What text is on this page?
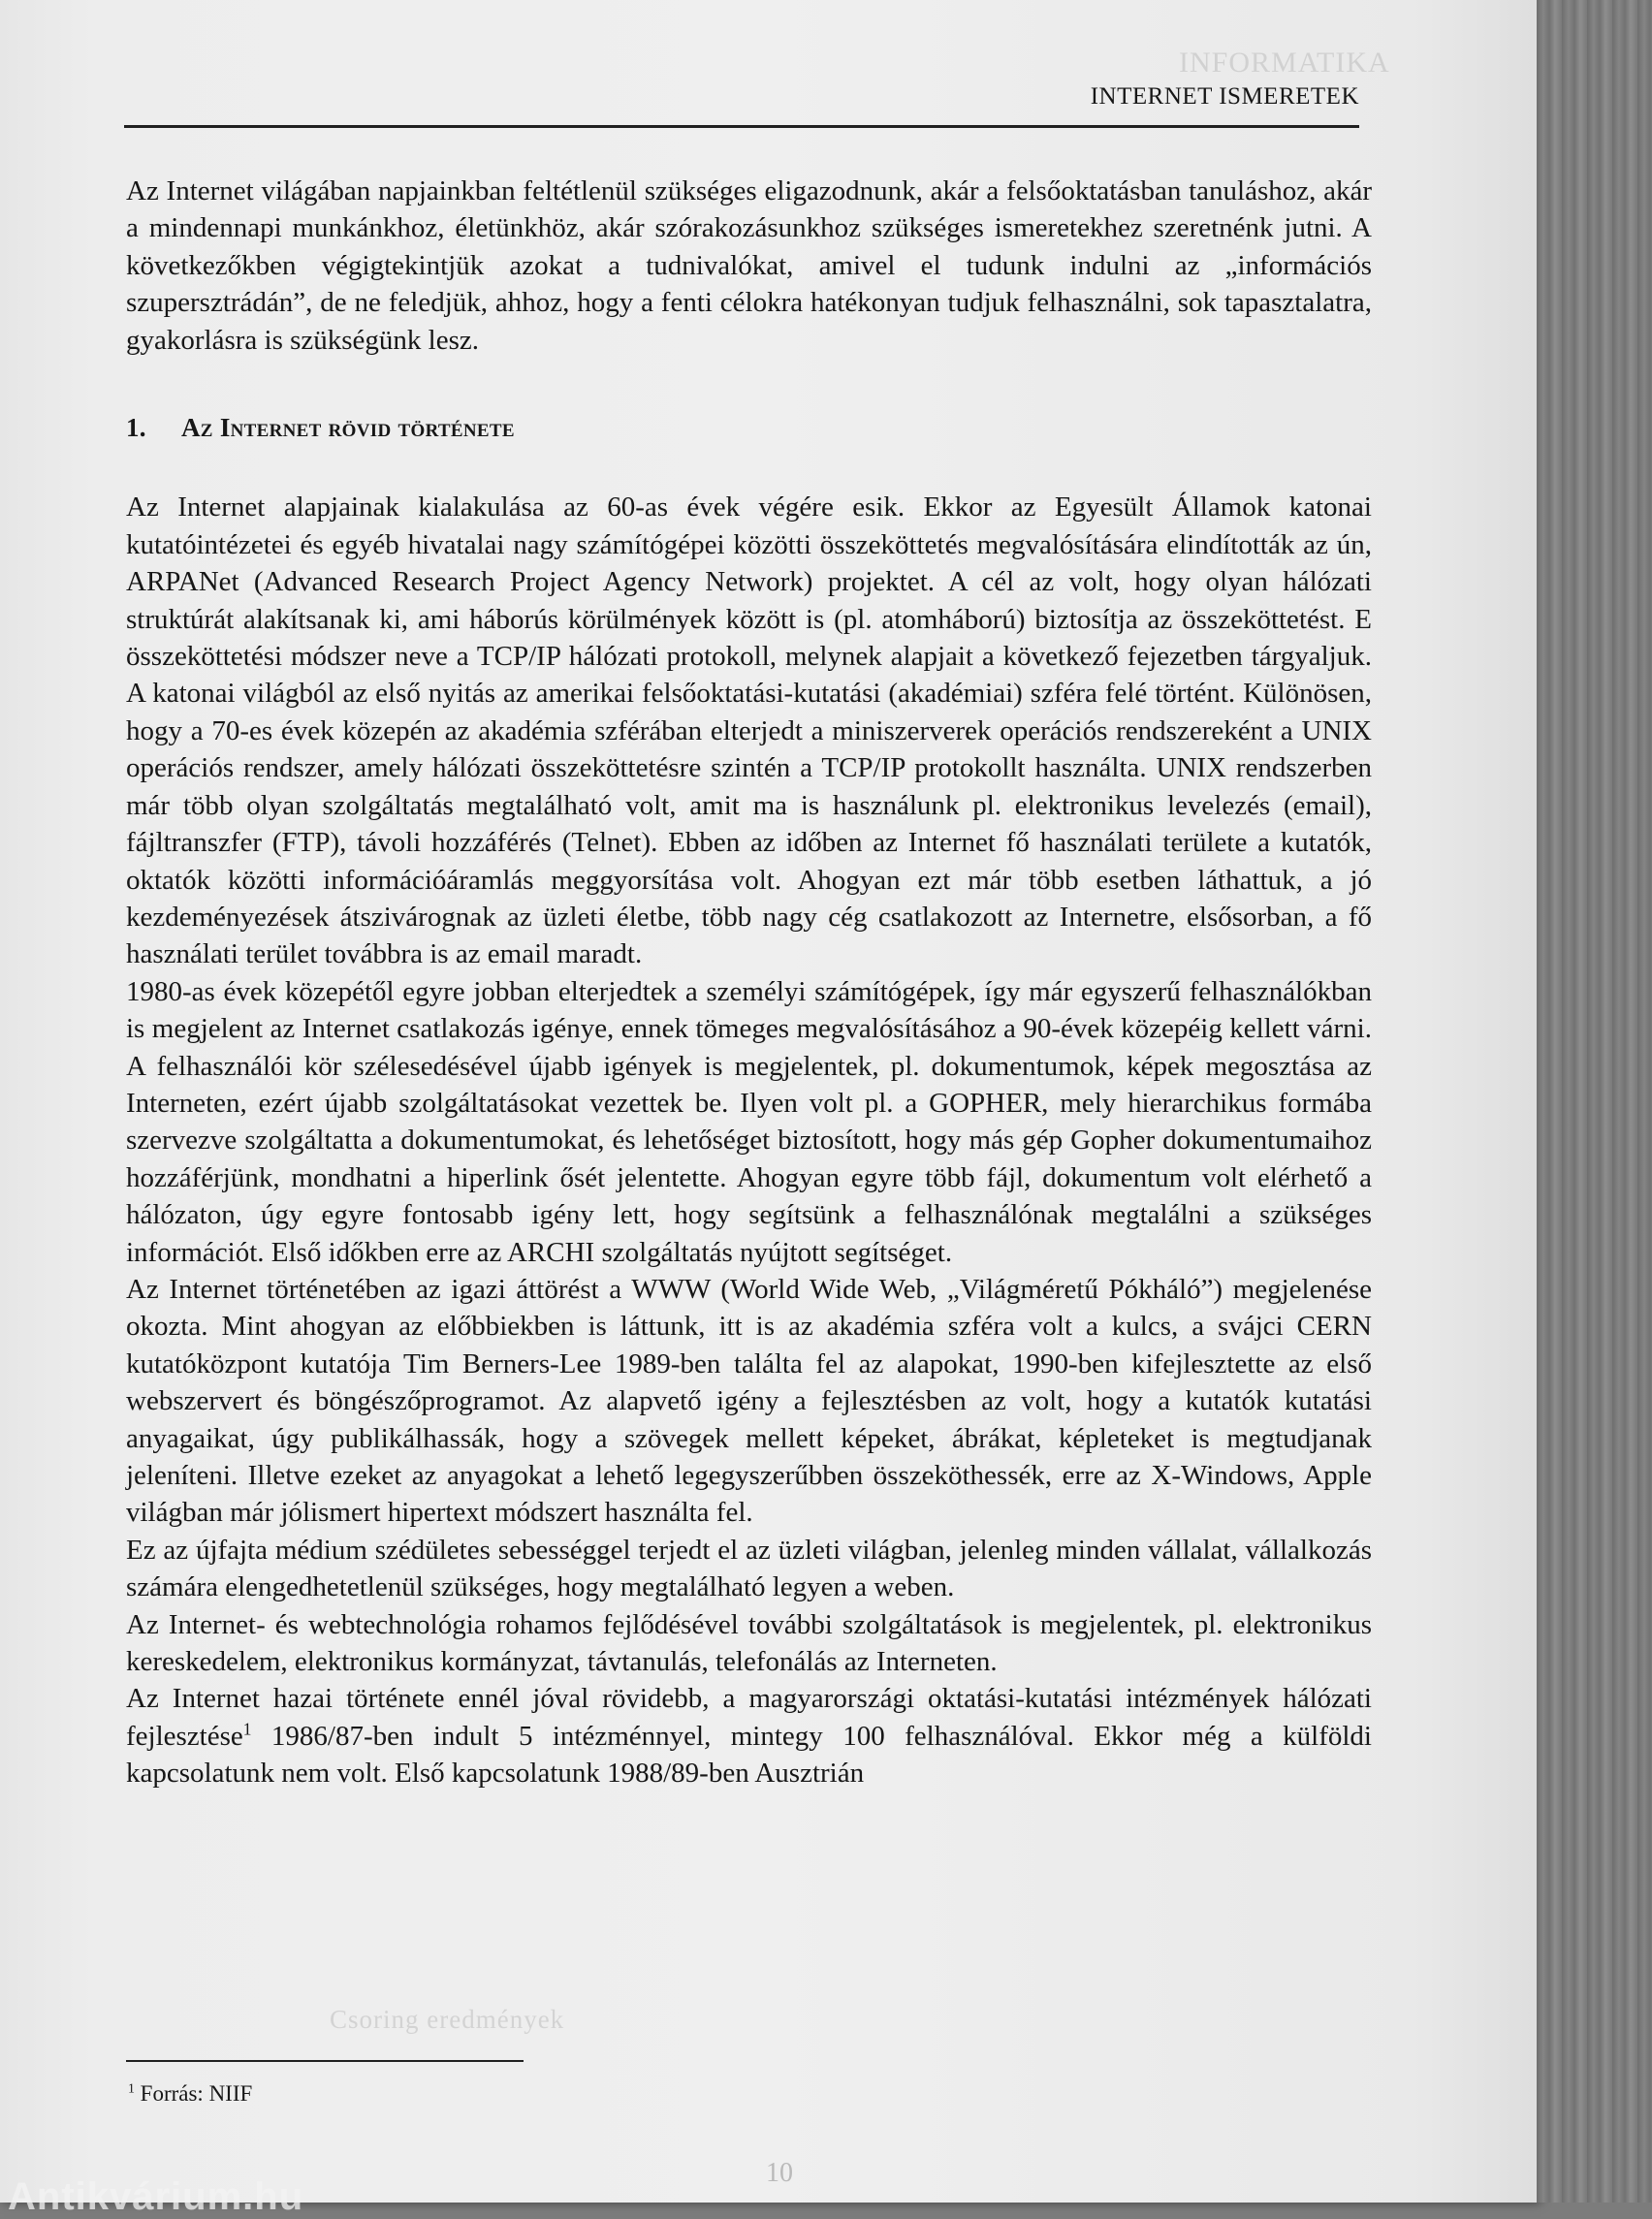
INFORMATIKA
Csoring eredmények
INTERNET ISMERETEK

Az Internet világában napjainkban feltétlenül szükséges eligazodnunk, akár a felsőoktatásban tanuláshoz, akár a mindennapi munkánkhoz, életünkhöz, akár szórakozásunkhoz szükséges ismeretekhez szeretnénk jutni. A következőkben végigtekintjük azokat a tudnivalókat, amivel el tudunk indulni az „információs szupersztrádán”, de ne feledjük, ahhoz, hogy a fenti célokra hatékonyan tudjuk felhasználni, sok tapasztalatra, gyakorlásra is szükségünk lesz.

1. Az Internet rövid története

Az Internet alapjainak kialakulása az 60-as évek végére esik. Ekkor az Egyesült Államok katonai kutatóintézetei és egyéb hivatalai nagy számítógépei közötti összeköttetés megvalósítására elindították az ún, ARPANet (Advanced Research Project Agency Network) projektet. A cél az volt, hogy olyan hálózati struktúrát alakítsanak ki, ami háborús körülmények között is (pl. atomháború) biztosítja az összeköttetést. E összeköttetési módszer neve a TCP/IP hálózati protokoll, melynek alapjait a következő fejezetben tárgyaljuk. A katonai világból az első nyitás az amerikai felsőoktatási-kutatási (akadémiai) szféra felé történt. Különösen, hogy a 70-es évek közepén az akadémia szférában elterjedt a miniszerverek operációs rendszereként a UNIX operációs rendszer, amely hálózati összeköttetésre szintén a TCP/IP protokollt használta. UNIX rendszerben már több olyan szolgáltatás megtalálható volt, amit ma is használunk pl. elektronikus levelezés (email), fájltranszfer (FTP), távoli hozzáférés (Telnet). Ebben az időben az Internet fő használati területe a kutatók, oktatók közötti információáramlás meggyorsítása volt. Ahogyan ezt már több esetben láthattuk, a jó kezdeményezések átszivárognak az üzleti életbe, több nagy cég csatlakozott az Internetre, elsősorban, a fő használati terület továbbra is az email maradt.

1980-as évek közepétől egyre jobban elterjedtek a személyi számítógépek, így már egyszerű felhasználókban is megjelent az Internet csatlakozás igénye, ennek tömeges megvalósításához a 90-évek közepéig kellett várni. A felhasználói kör szélesedésével újabb igények is megjelentek, pl. dokumentumok, képek megosztása az Interneten, ezért újabb szolgáltatásokat vezettek be. Ilyen volt pl. a GOPHER, mely hierarchikus formába szervezve szolgáltatta a dokumentumokat, és lehetőséget biztosított, hogy más gép Gopher dokumentumaihoz hozzáférjünk, mondhatni a hiperlink ősét jelentette. Ahogyan egyre több fájl, dokumentum volt elérhető a hálózaton, úgy egyre fontosabb igény lett, hogy segítsünk a felhasználónak megtalálni a szükséges információt. Első időkben erre az ARCHI szolgáltatás nyújtott segítséget.

Az Internet történetében az igazi áttörést a WWW (World Wide Web, „Világméretű Pókháló”) megjelenése okozta. Mint ahogyan az előbbiekben is láttunk, itt is az akadémia szféra volt a kulcs, a svájci CERN kutatóközpont kutatója Tim Berners-Lee 1989-ben találta fel az alapokat, 1990-ben kifejlesztette az első webszervert és böngészőprogramot. Az alapvető igény a fejlesztésben az volt, hogy a kutatók kutatási anyagaikat, úgy publikálhassák, hogy a szövegek mellett képeket, ábrákat, képleteket is megtudjanak jeleníteni. Illetve ezeket az anyagokat a lehető legegyszerűbben összeköthessék, erre az X-Windows, Apple világban már jólismert hipertext módszert használta fel.

Ez az újfajta médium szédületes sebességgel terjedt el az üzleti világban, jelenleg minden vállalat, vállalkozás számára elengedhetetlenül szükséges, hogy megtalálható legyen a weben.

Az Internet- és webtechnológia rohamos fejlődésével további szolgáltatások is megjelentek, pl. elektronikus kereskedelem, elektronikus kormányzat, távtanulás, telefonálás az Interneten.

Az Internet hazai története ennél jóval rövidebb, a magyarországi oktatási-kutatási intézmények hálózati fejlesztése$^1$ 1986/87-ben indult 5 intézménnyel, mintegy 100 felhasználóval. Ekkor még a külföldi kapcsolatunk nem volt. Első kapcsolatunk 1988/89-ben Ausztrián

$^1$ Forrás: NIIF
10
Antikvárium.hu
